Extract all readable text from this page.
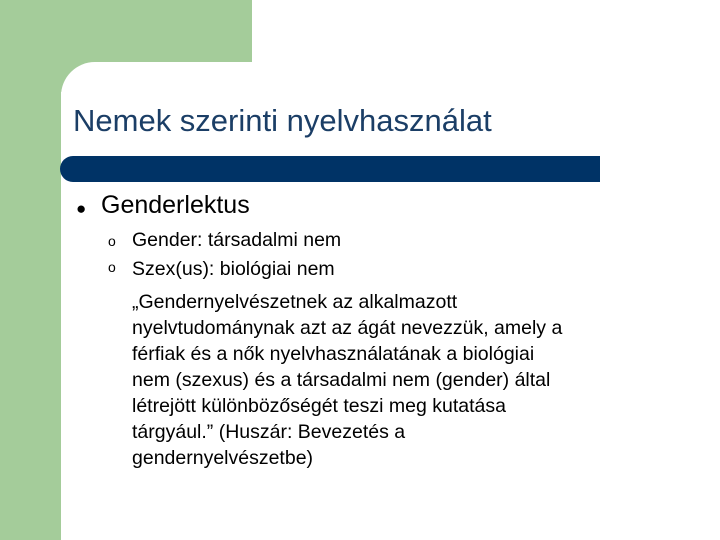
Nemek szerinti nyelvhasználat
● Genderlektus
o Gender: társadalmi nem
o Szex(us): biológiai nem
„Gendernyelvészetnek az alkalmazott
nyelvtudománynak azt az ágát nevezzük, amely a
férfiak és a nők nyelvhasználatának a biológiai
nem (szexus) és a társadalmi nem (gender) által
létrejött különbözőségét teszi meg kutatása
tárgyául.” (Huszár: Bevezetés a
gendernyelvészetbe)
